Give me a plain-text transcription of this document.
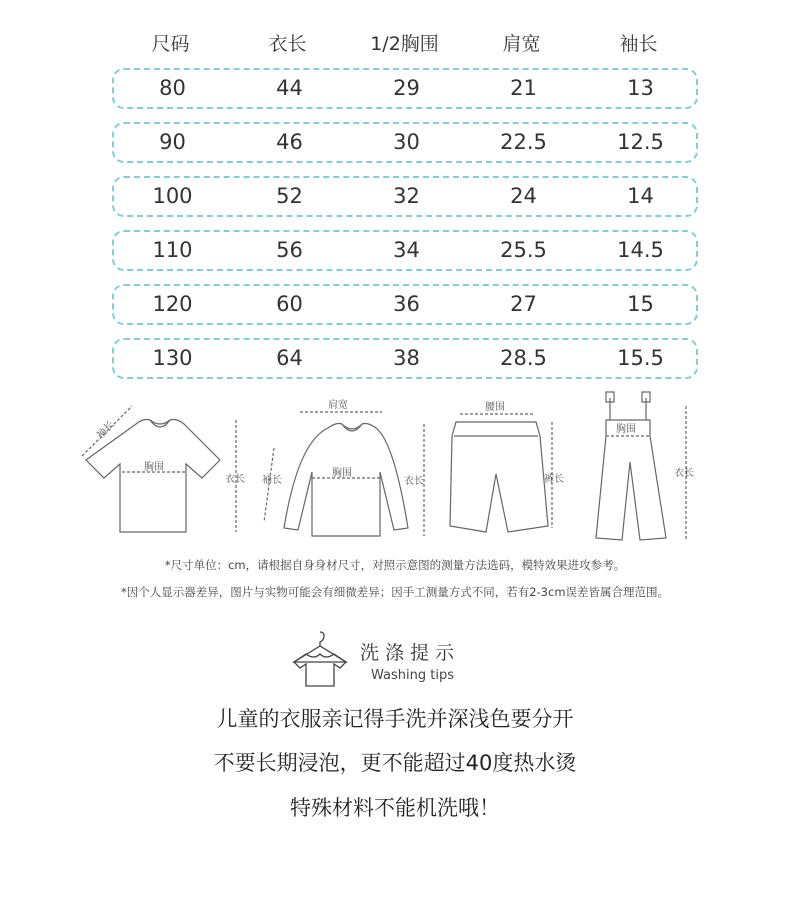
尺码	衣长	1/2胸围	肩宽	袖长
80	44	29	21	13
90	46	30	22.5	12.5
100	52	32	24	14
110	56	34	25.5	14.5
120	60	36	27	15
130	64	38	28.5	15.5
袖长
胸围
衣长
肩宽
胸围
袖长	衣长
腰围
裤长
胸围
衣长
*尺寸单位：cm，请根据自身身材尺寸，对照示意图的测量方法选码，模特效果进攻参考。
*因个人显示器差异，图片与实物可能会有细微差异；因手工测量方式不同，若有2-3cm误差皆属合理范围。
洗涤提示
Washing tips
儿童的衣服亲记得手洗并深浅色要分开
不要长期浸泡，更不能超过40度热水烫
特殊材料不能机洗哦！
